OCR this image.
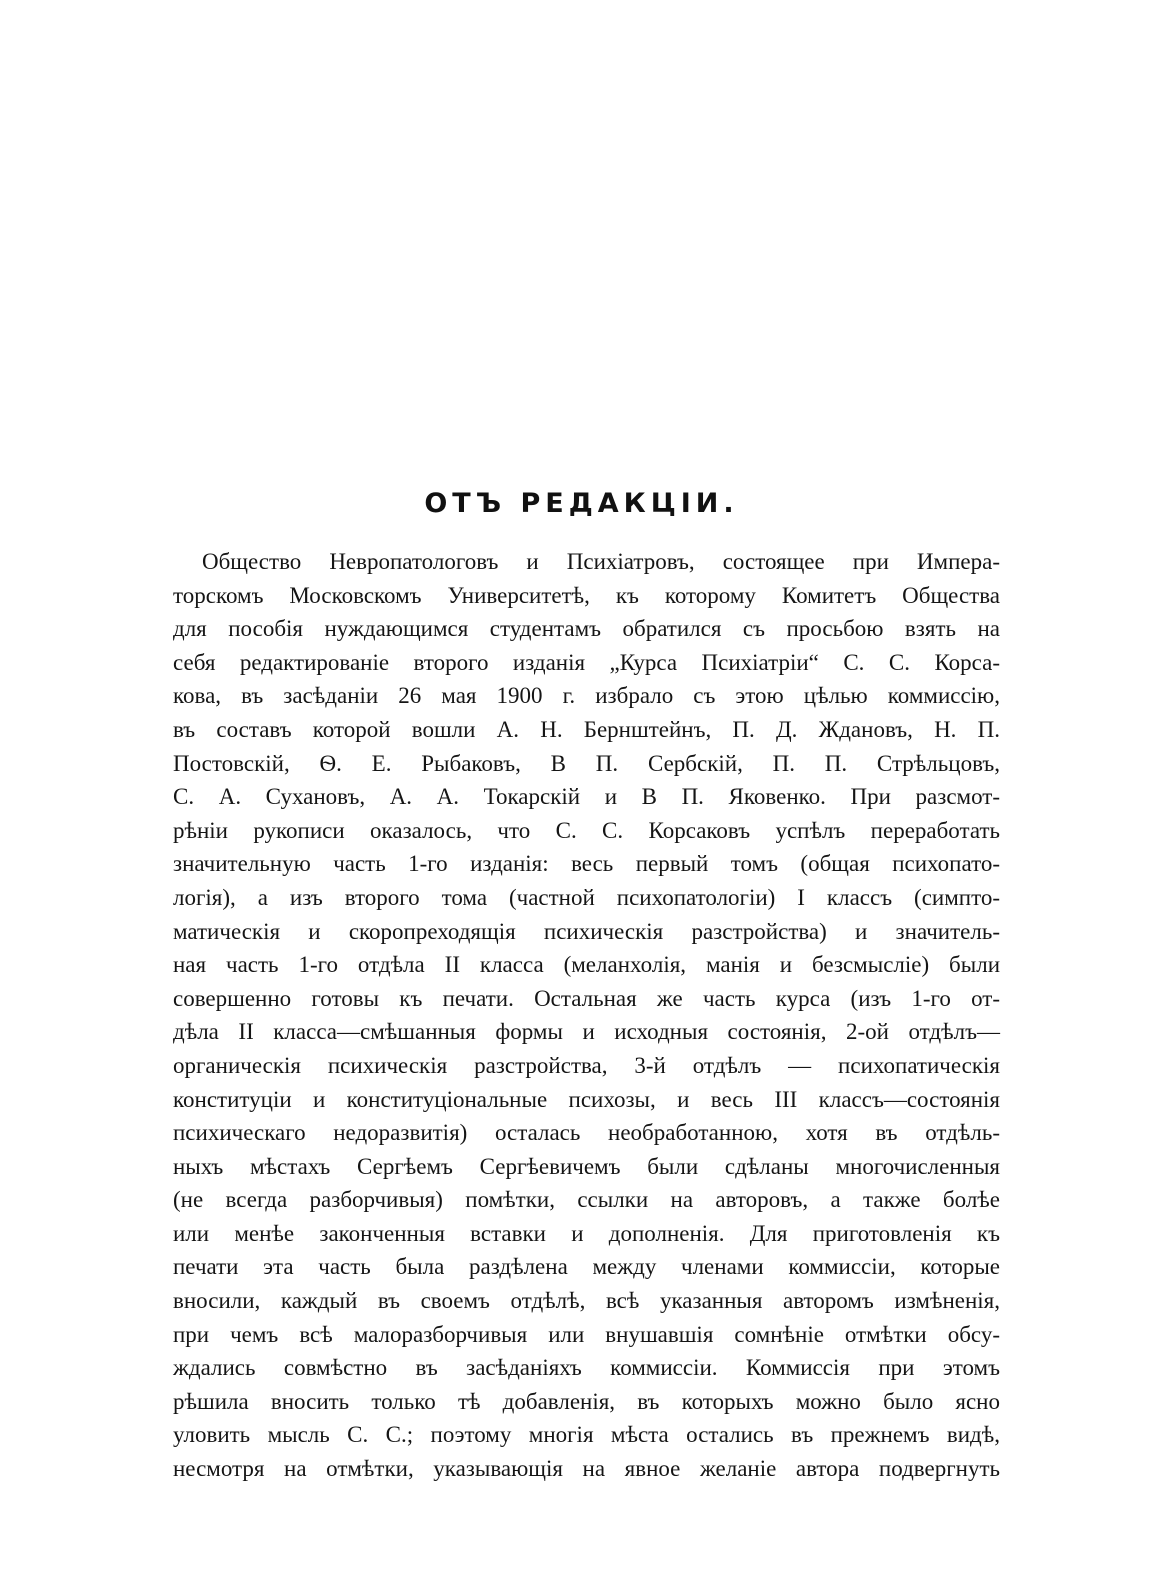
ОТЪ РЕДАКЦІИ.
Общество Невропатологовъ и Психіатровъ, состоящее при Импера-
торскомъ Московскомъ Университетѣ, къ которому Комитетъ Общества
для пособія нуждающимся студентамъ обратился съ просьбою взять на
себя редактированіе второго изданія „Курса Психіатріи“ С. С. Корса-
кова, въ засѣданіи 26 мая 1900 г. избрало съ этою цѣлью коммиссію,
въ составъ которой вошли А. Н. Бернштейнъ, П. Д. Ждановъ, Н. П.
Постовскій, Ѳ. Е. Рыбаковъ, В П. Сербскій, П. П. Стрѣльцовъ,
С. А. Сухановъ, А. А. Токарскій и В П. Яковенко. При разсмот-
рѣніи рукописи оказалось, что С. С. Корсаковъ успѣлъ переработать
значительную часть 1-го изданія: весь первый томъ (общая психопато-
логія), а изъ второго тома (частной психопатологіи) I классъ (симпто-
матическія и скоропреходящія психическія разстройства) и значитель-
ная часть 1-го отдѣла II класса (меланхолія, манія и безсмысліе) были
совершенно готовы къ печати. Остальная же часть курса (изъ 1-го от-
дѣла II класса—смѣшанныя формы и исходныя состоянія, 2-ой отдѣлъ—
органическія психическія разстройства, 3-й отдѣлъ — психопатическія
конституціи и конституціональные психозы, и весь III классъ—состоянія
психическаго недоразвитія) осталась необработанною, хотя въ отдѣль-
ныхъ мѣстахъ Сергѣемъ Сергѣевичемъ были сдѣланы многочисленныя
(не всегда разборчивыя) помѣтки, ссылки на авторовъ, а также болѣе
или менѣе законченныя вставки и дополненія. Для приготовленія къ
печати эта часть была раздѣлена между членами коммиссіи, которые
вносили, каждый въ своемъ отдѣлѣ, всѣ указанныя авторомъ измѣненія,
при чемъ всѣ малоразборчивыя или внушавшія сомнѣніе отмѣтки обсу-
ждались совмѣстно въ засѣданіяхъ коммиссіи. Коммиссія при этомъ
рѣшила вносить только тѣ добавленія, въ которыхъ можно было ясно
уловить мысль С. С.; поэтому многія мѣста остались въ прежнемъ видѣ,
несмотря на отмѣтки, указывающія на явное желаніе автора подвергнуть
